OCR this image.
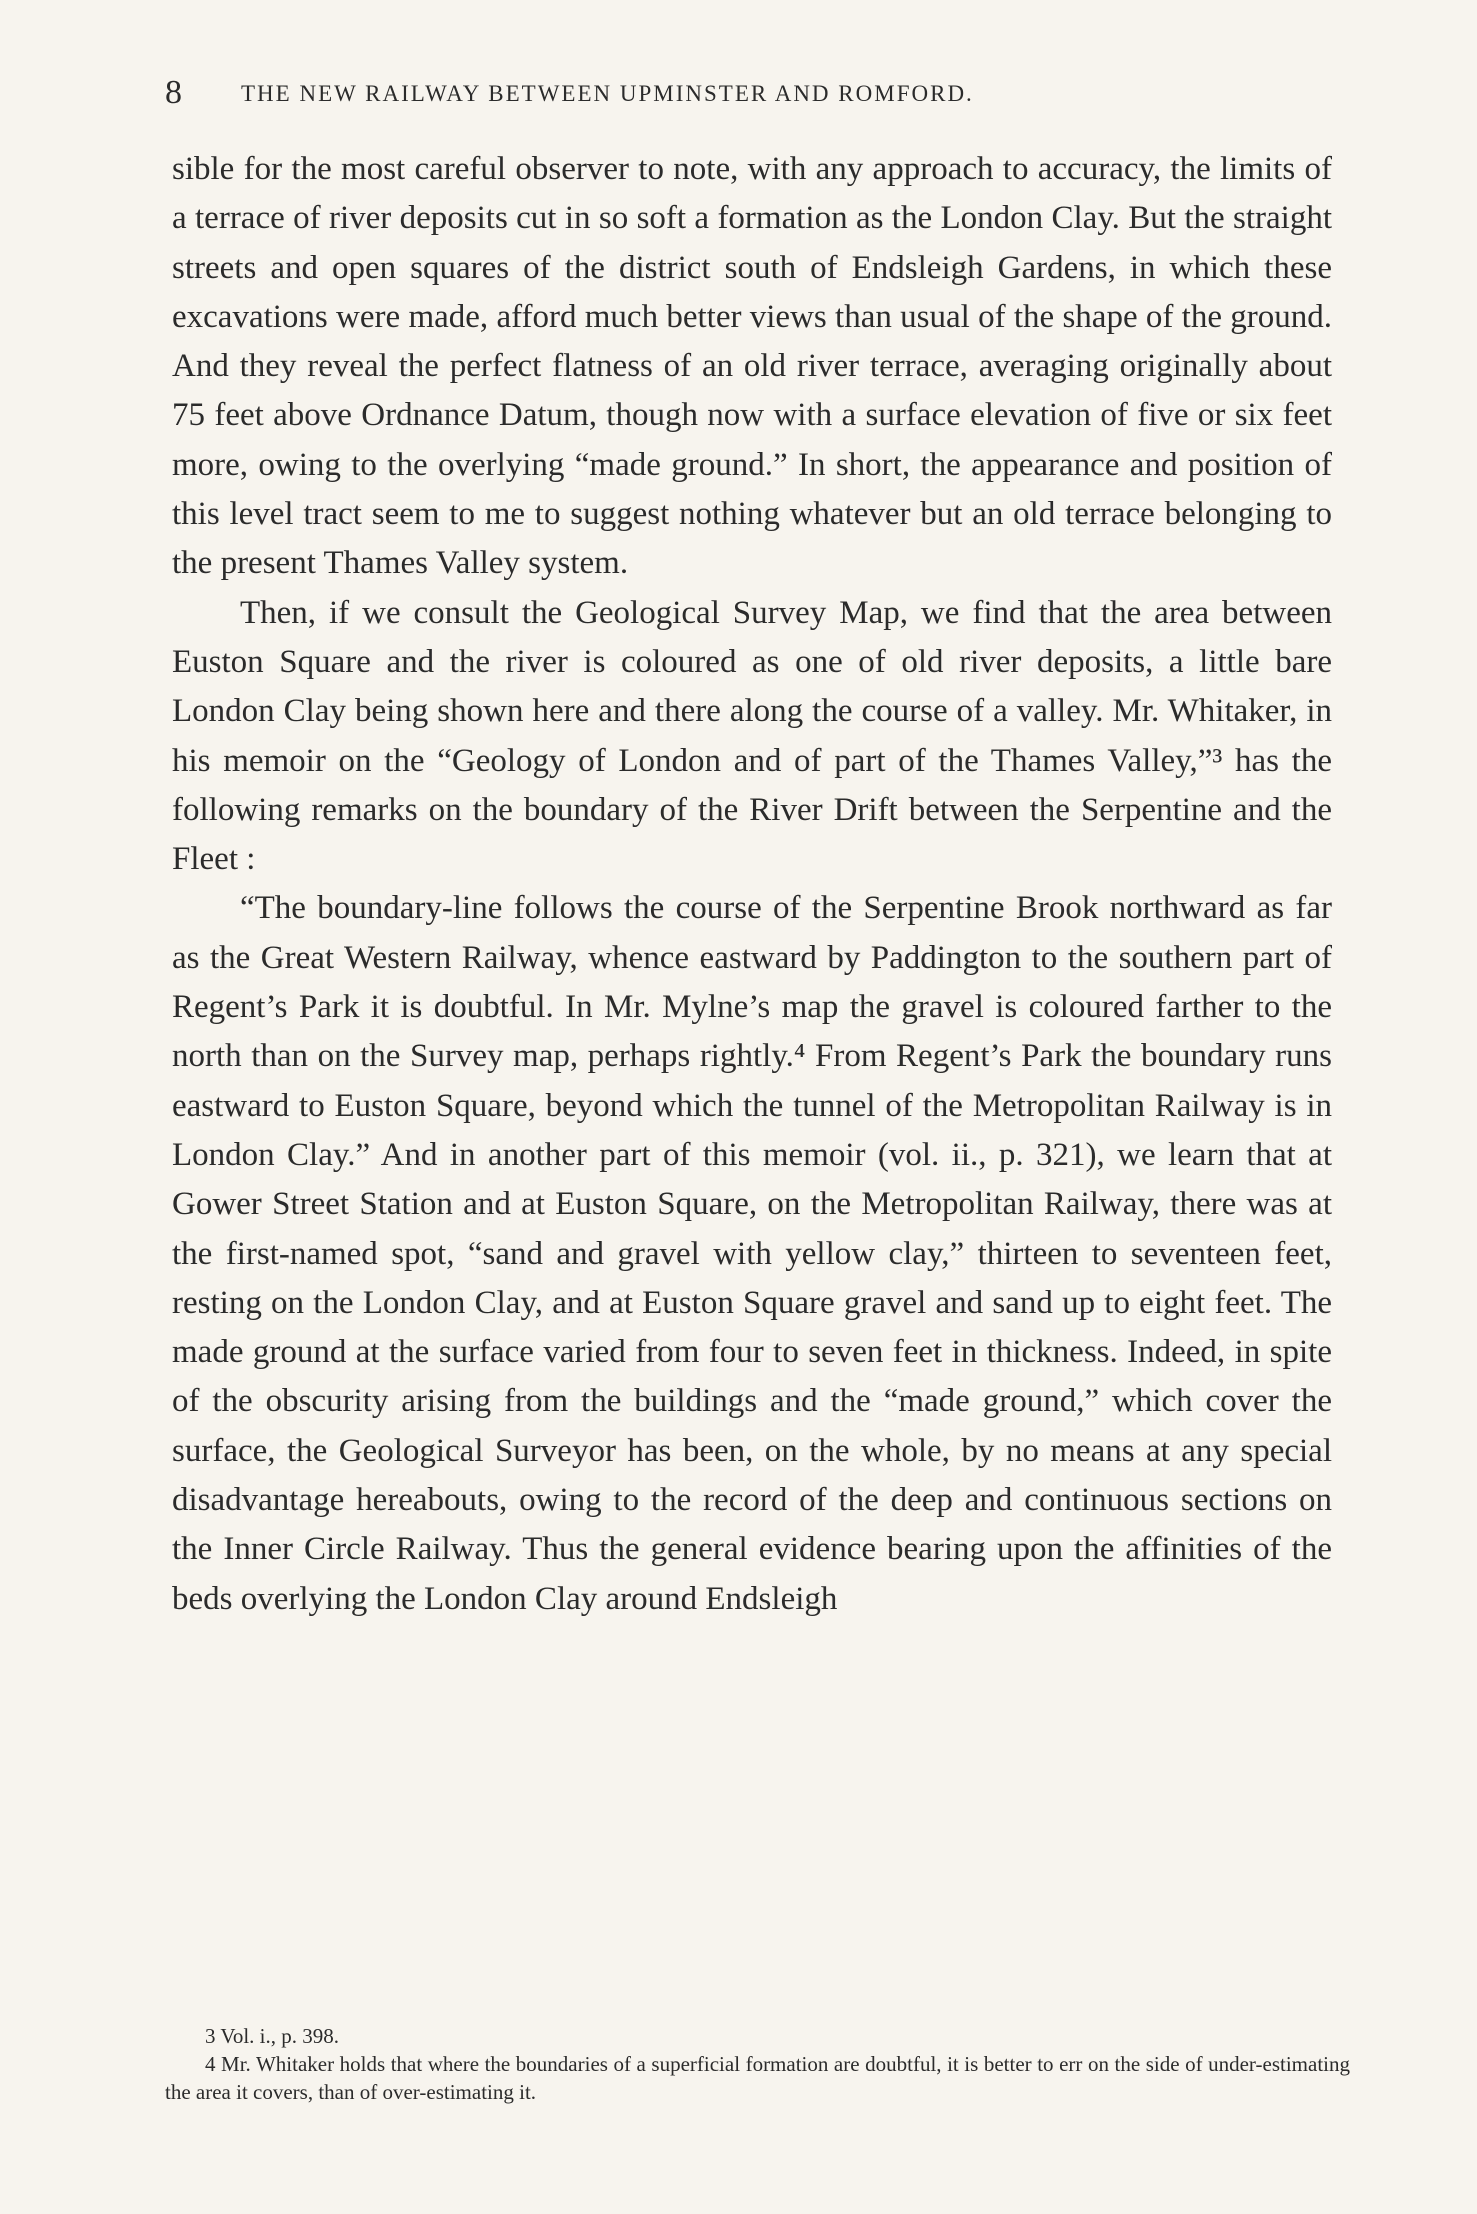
8	THE NEW RAILWAY BETWEEN UPMINSTER AND ROMFORD.

sible for the most careful observer to note, with any approach to accuracy, the limits of a terrace of river deposits cut in so soft a formation as the London Clay. But the straight streets and open squares of the district south of Endsleigh Gardens, in which these excavations were made, afford much better views than usual of the shape of the ground. And they reveal the perfect flatness of an old river terrace, averaging originally about 75 feet above Ordnance Datum, though now with a surface elevation of five or six feet more, owing to the overlying “made ground.” In short, the appearance and position of this level tract seem to me to suggest nothing whatever but an old terrace belonging to the present Thames Valley system.

Then, if we consult the Geological Survey Map, we find that the area between Euston Square and the river is coloured as one of old river deposits, a little bare London Clay being shown here and there along the course of a valley. Mr. Whitaker, in his memoir on the “Geology of London and of part of the Thames Valley,”³ has the following remarks on the boundary of the River Drift between the Serpentine and the Fleet :

“The boundary-line follows the course of the Serpentine Brook northward as far as the Great Western Railway, whence eastward by Paddington to the southern part of Regent’s Park it is doubtful. In Mr. Mylne’s map the gravel is coloured farther to the north than on the Survey map, perhaps rightly.⁴ From Regent’s Park the boundary runs eastward to Euston Square, beyond which the tunnel of the Metropolitan Railway is in London Clay.” And in another part of this memoir (vol. ii., p. 321), we learn that at Gower Street Station and at Euston Square, on the Metropolitan Railway, there was at the first-named spot, “sand and gravel with yellow clay,” thirteen to seventeen feet, resting on the London Clay, and at Euston Square gravel and sand up to eight feet. The made ground at the surface varied from four to seven feet in thickness. Indeed, in spite of the obscurity arising from the buildings and the “made ground,” which cover the surface, the Geological Surveyor has been, on the whole, by no means at any special disadvantage hereabouts, owing to the record of the deep and continuous sections on the Inner Circle Railway. Thus the general evidence bearing upon the affinities of the beds overlying the London Clay around Endsleigh

3 Vol. i., p. 398.

4 Mr. Whitaker holds that where the boundaries of a superficial formation are doubtful, it is better to err on the side of under-estimating the area it covers, than of over-estimating it.
